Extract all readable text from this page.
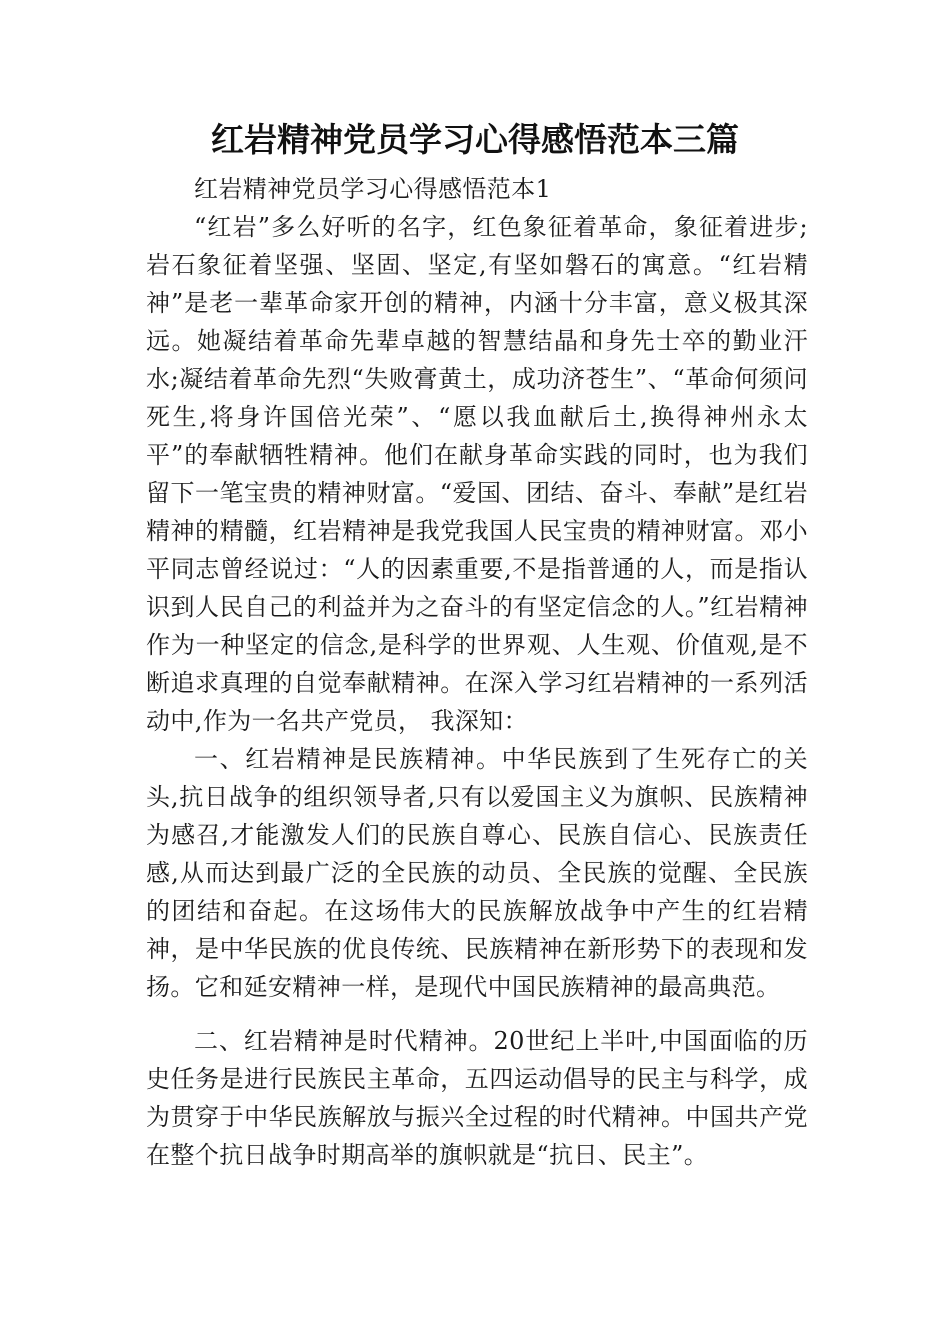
红岩精神党员学习心得感悟范本三篇

红岩精神党员学习心得感悟范本1

“红岩”多么好听的名字，红色象征着革命，象征着进步;岩石象征着坚强、坚固、坚定,有坚如磐石的寓意。“红岩精神”是老一辈革命家开创的精神，内涵十分丰富，意义极其深远。她凝结着革命先辈卓越的智慧结晶和身先士卒的勤业汗水;凝结着革命先烈“失败膏黄土，成功济苍生”、“革命何须问死生,将身许国倍光荣”、“愿以我血献后土,换得神州永太平”的奉献牺牲精神。他们在献身革命实践的同时，也为我们留下一笔宝贵的精神财富。“爱国、团结、奋斗、奉献”是红岩精神的精髓，红岩精神是我党我国人民宝贵的精神财富。邓小平同志曾经说过：“人的因素重要,不是指普通的人，而是指认识到人民自己的利益并为之奋斗的有坚定信念的人。”红岩精神作为一种坚定的信念,是科学的世界观、人生观、价值观,是不断追求真理的自觉奉献精神。在深入学习红岩精神的一系列活动中,作为一名共产党员， 我深知：

一、红岩精神是民族精神。中华民族到了生死存亡的关头,抗日战争的组织领导者,只有以爱国主义为旗帜、民族精神为感召,才能激发人们的民族自尊心、民族自信心、民族责任感,从而达到最广泛的全民族的动员、全民族的觉醒、全民族的团结和奋起。在这场伟大的民族解放战争中产生的红岩精神，是中华民族的优良传统、民族精神在新形势下的表现和发扬。它和延安精神一样，是现代中国民族精神的最高典范。

二、红岩精神是时代精神。20世纪上半叶,中国面临的历史任务是进行民族民主革命，五四运动倡导的民主与科学，成为贯穿于中华民族解放与振兴全过程的时代精神。中国共产党在整个抗日战争时期高举的旗帜就是“抗日、民主”。
